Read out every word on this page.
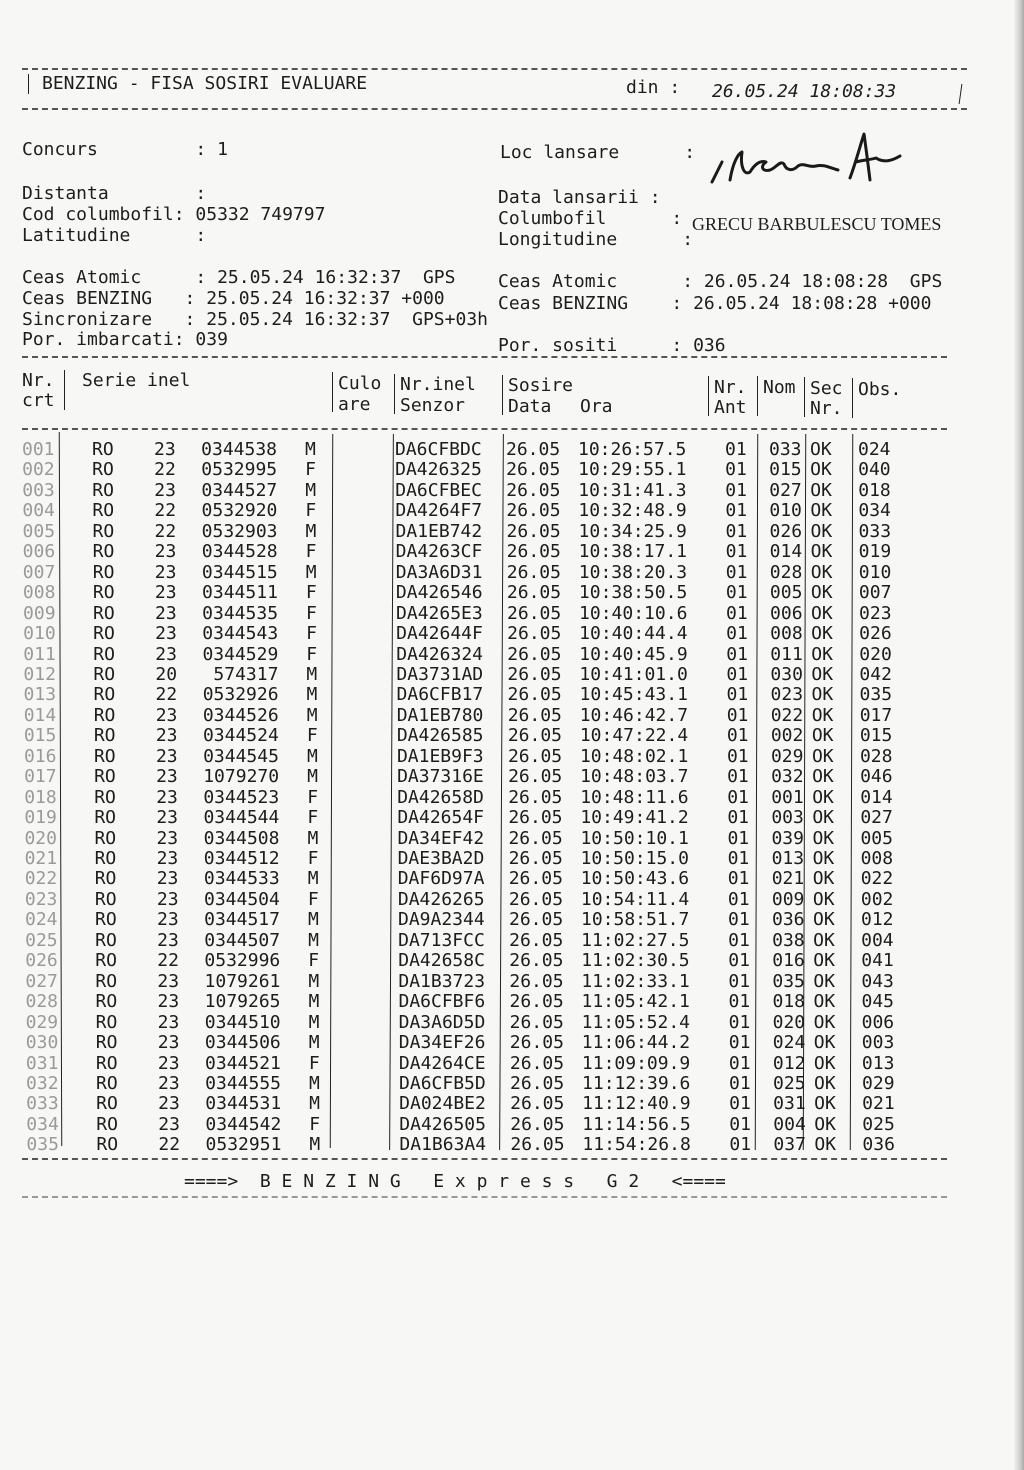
BENZING - FISA SOSIRI EVALUARE	din : 26.05.24 18:08:33
Concurs         : 1
Distanta        :
Cod columbofil: 05332 749797
Latitudine      :
Loc lansare      :
Data lansarii :
Columbofil      : GRECU BARBULESCU TOMES
Longitudine      :
Ceas Atomic     : 25.05.24 16:32:37  GPS
Ceas BENZING   : 25.05.24 16:32:37 +000
Sincronizare   : 25.05.24 16:32:37  GPS+03h
Por. imbarcati: 039
Ceas Atomic      : 26.05.24 18:08:28  GPS
Ceas BENZING    : 26.05.24 18:08:28 +000
Por. sositi     : 036
Nr.
crt
Serie inel	Culo
are
Nr.inel
Senzor
Sosire
Data Ora
Nr.
Ant
Nom Sec
Nr.
Obs.
001 RO 23	0344538 M	DA6CFBDC 26.05 10:26:57.5 01 033 OK 024
002 RO 22	0532995 F	DA426325 26.05 10:29:55.1 01 015 OK 040
003 RO 23	0344527 M	DA6CFBEC 26.05 10:31:41.3 01 027 OK 018
004 RO 22	0532920 F	DA4264F7 26.05 10:32:48.9 01 010 OK 034
005 RO 22	0532903 M	DA1EB742 26.05 10:34:25.9 01 026 OK 033
006 RO 23	0344528 F	DA4263CF 26.05 10:38:17.1 01 014 OK 019
007 RO 23	0344515 M	DA3A6D31 26.05 10:38:20.3 01 028 OK 010
008 RO 23	0344511 F	DA426546 26.05 10:38:50.5 01 005 OK 007
009 RO 23	0344535 F	DA4265E3 26.05 10:40:10.6 01 006 OK 023
010 RO 23	0344543 F	DA42644F 26.05 10:40:44.4 01 008 OK 026
011 RO 23	0344529 F	DA426324 26.05 10:40:45.9 01 011 OK 020
012 RO 20	574317 M	DA3731AD 26.05 10:41:01.0 01 030 OK 042
013 RO 22	0532926 M	DA6CFB17 26.05 10:45:43.1 01 023 OK 035
014 RO 23	0344526 M	DA1EB780 26.05 10:46:42.7 01 022 OK 017
015 RO 23	0344524 F	DA426585 26.05 10:47:22.4 01 002 OK 015
016 RO 23	0344545 M	DA1EB9F3 26.05 10:48:02.1 01 029 OK 028
017 RO 23	1079270 M	DA37316E 26.05 10:48:03.7 01 032 OK 046
018 RO 23	0344523 F	DA42658D 26.05 10:48:11.6 01 001 OK 014
019 RO 23	0344544 F	DA42654F 26.05 10:49:41.2 01 003 OK 027
020 RO 23	0344508 M	DA34EF42 26.05 10:50:10.1 01 039 OK 005
021 RO 23	0344512 F	DAE3BA2D 26.05 10:50:15.0 01 013 OK 008
022 RO 23	0344533 M	DAF6D97A 26.05 10:50:43.6 01 021 OK 022
023 RO 23	0344504 F	DA426265 26.05 10:54:11.4 01 009 OK 002
024 RO 23	0344517 M	DA9A2344 26.05 10:58:51.7 01 036 OK 012
025 RO 23	0344507 M	DA713FCC 26.05 11:02:27.5 01 038 OK 004
026 RO 22	0532996 F	DA42658C 26.05 11:02:30.5 01 016 OK 041
027 RO 23	1079261 M	DA1B3723 26.05 11:02:33.1 01 035 OK 043
028 RO 23	1079265 M	DA6CFBF6 26.05 11:05:42.1 01 018 OK 045
029 RO 23	0344510 M	DA3A6D5D 26.05 11:05:52.4 01 020 OK 006
030 RO 23	0344506 M	DA34EF26 26.05 11:06:44.2 01 024 OK 003
031 RO 23	0344521 F	DA4264CE 26.05 11:09:09.9 01 012 OK 013
032 RO 23	0344555 M	DA6CFB5D 26.05 11:12:39.6 01 025 OK 029
033 RO 23	0344531 M	DA024BE2 26.05 11:12:40.9 01 031 OK 021
034 RO 23	0344542 F	DA426505 26.05 11:14:56.5 01 004 OK 025
035 RO 22	0532951 M	DA1B63A4 26.05 11:54:26.8 01 037 OK 036
====>  B E N Z I N G   E x p r e s s   G 2   <====
